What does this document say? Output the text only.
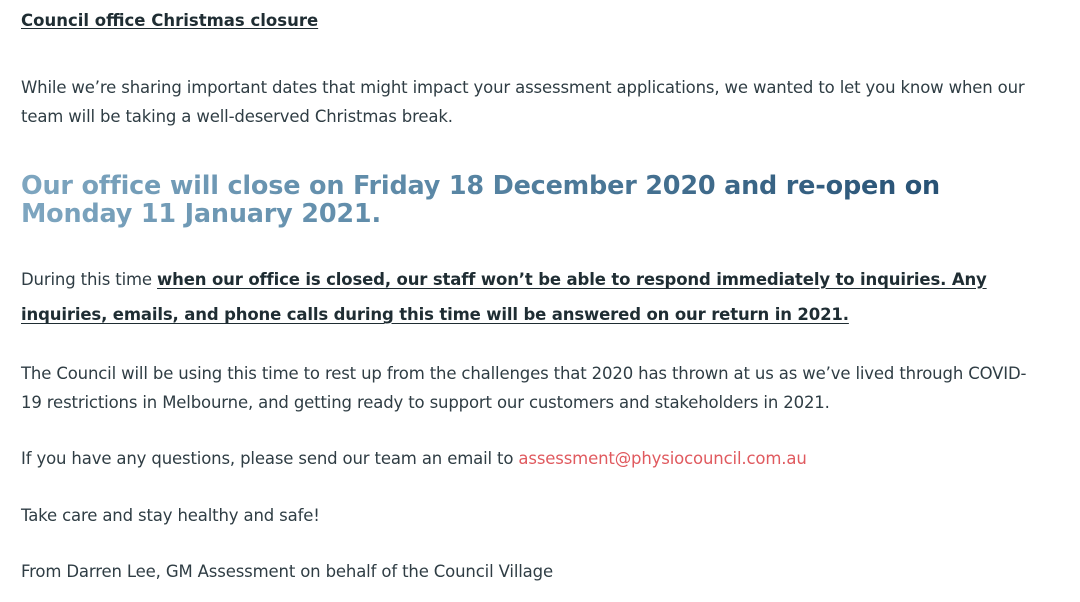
Council office Christmas closure

While we’re sharing important dates that might impact your assessment applications, we wanted to let you know when our team will be taking a well-deserved Christmas break.

Our office will close on Friday 18 December 2020 and re-open on Monday 11 January 2021.

During this time when our office is closed, our staff won’t be able to respond immediately to inquiries. Any inquiries, emails, and phone calls during this time will be answered on our return in 2021.

The Council will be using this time to rest up from the challenges that 2020 has thrown at us as we’ve lived through COVID-19 restrictions in Melbourne, and getting ready to support our customers and stakeholders in 2021.

If you have any questions, please send our team an email to assessment@physiocouncil.com.au

Take care and stay healthy and safe!

From Darren Lee, GM Assessment on behalf of the Council Village
